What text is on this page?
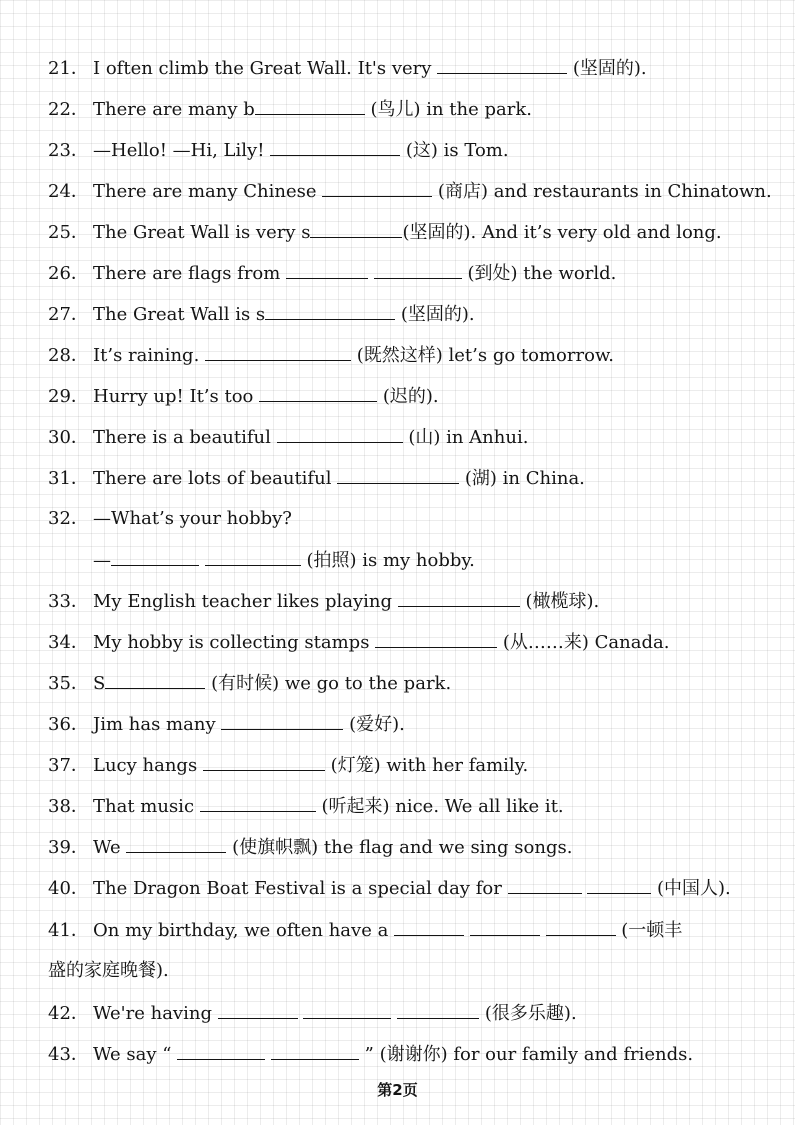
21． I often climb the Great Wall. It's very	(坚固的).
22． There are many b	(鸟儿) in the park.
23． —Hello! —Hi, Lily!	(这) is Tom.
24． There are many Chinese	(商店) and restaurants in Chinatown.
25． The Great Wall is very s	(坚固的). And it’s very old and long.
26． There are flags from	(到处) the world.
27． The Great Wall is s	(坚固的).
28． It’s raining.	(既然这样) let’s go tomorrow.
29． Hurry up! It’s too	(迟的).
30． There is a beautiful	(山) in Anhui.
31． There are lots of beautiful	(湖) in China.
32． —What’s your hobby?
—	(拍照) is my hobby.
33． My English teacher likes playing	(橄榄球).
34． My hobby is collecting stamps	(从……来) Canada.
35． S	(有时候) we go to the park.
36． Jim has many	(爱好).
37． Lucy hangs	(灯笼) with her family.
38． That music	(听起来) nice. We all like it.
39． We	(使旗帜飘) the flag and we sing songs.
40． The Dragon Boat Festival is a special day for	(中国人).
41． On my birthday, we often have a	(一顿丰
盛的家庭晚餐).
42． We're having	(很多乐趣).
43． We say “	” (谢谢你) for our family and friends.
第2页
